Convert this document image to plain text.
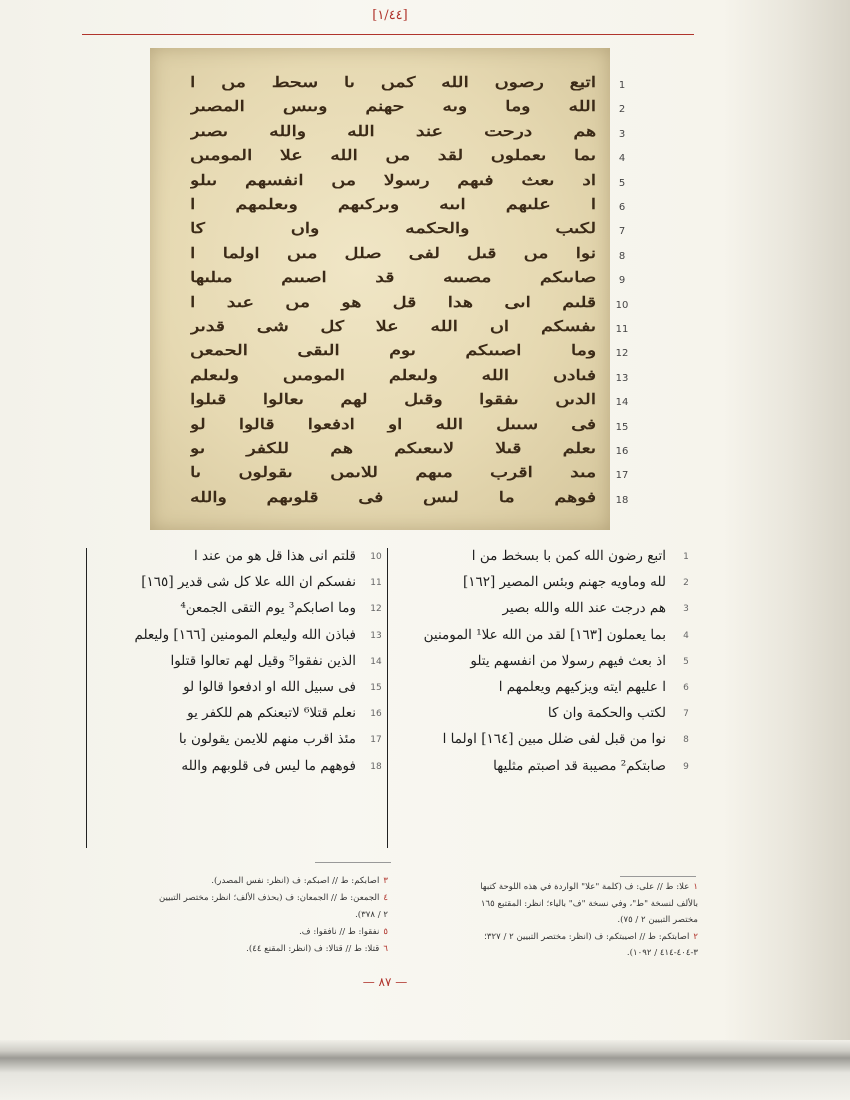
[١/٤٤]
اتبع رصوں الله كمں ںا سحط مں ا
الله وما وىه حهنم وىىس المصىر
هم درحت عند الله والله ىصىر
ىما ىعملوں لقد مں الله علا المومںں
اد ىعث فىهم رسولا مں انفسهم ىىلو
ا علىهم اىىه وىركىهم وىعلمهم ا
لكىب والحكمه واں كا
نوا مں قىل لفى صلل مىں اولما ا
صاىىكم مصىىه قد اصىىم مىلىها
قلىم اىى هدا قل هو مں عىد ا
ىفسكم اں الله علا كل شى قدىر
وما اصىىكم ىوم الىقى الحمعں
فىادں الله ولىعلم المومںں ولىعلم
الدىں ىفقوا وقىل لهم ىعالوا قىلوا
فى سىىل الله او ادفعوا قالوا لو
ىعلم قىلا لاىىعىكم هم للكفر ىو
مىد اقرب مىهم للاىمں ىقولوں ىا
فوهم ما لىس فى قلوىهم والله
1
2
3
4
5
6
7
8
9
10
11
12
13
14
15
16
17
18
1
اتبع رضون الله كمن با بسخط من ا
2
لله وماويه جهنم وبئس المصير [١٦٢]
3
هم درجت عند الله والله بصير
4
بما يعملون [١٦٣] لقد من الله علا¹ المومنين
5
اذ بعث فيهم رسولا من انفسهم يتلو
6
ا عليهم ايته ويزكيهم ويعلمهم ا
7
لكتب والحكمة وان كا
8
نوا من قبل لفى ضلل مبين [١٦٤] اولما ا
9
صابتكم² مصيبة قد اصبتم مثليها
10
قلتم انى هذا قل هو من عند ا
11
نفسكم ان الله علا كل شى قدير [١٦٥]
12
وما اصابكم³ يوم التقى الجمعن⁴
13
فباذن الله وليعلم المومنين [١٦٦] وليعلم
14
الذين نفقوا⁵ وقيل لهم تعالوا قتلوا
15
فى سبيل الله او ادفعوا قالوا لو
16
نعلم قتلا⁶ لاتبعنكم هم للكفر يو
17
مئذ اقرب منهم للايمن يقولون با
18
فوههم ما ليس فى قلوبهم والله
١علا: ط // على: ف (كلمة "علا" الواردة في هذه اللوحة كتبها
بالألف لنسخة "ط"، وفي نسخة "ف" بالياء؛ انظر: المقتبع ١٦٥
مختصر التبيين ٢ / ٧٥).
٢اصابتكم: ط // اصيبتكم: ف (انظر: مختصر التبيين ٢ / ٣٢٧؛
٣-٤٠٤-٤١٤ / ١٠٩٢).
٣اصابكم: ط // اصبكم: ف (انظر: نفس المصدر).
٤الجمعن: ط // الجمعان: ف (بحذف الألف؛ انظر: مختصر التبيين
٢ / ٣٧٨).
٥نفقوا: ط // نافقوا: ف.
٦قتلا: ط // قتالا: ف (انظر: المقنع ٤٤).
— ٨٧ —
